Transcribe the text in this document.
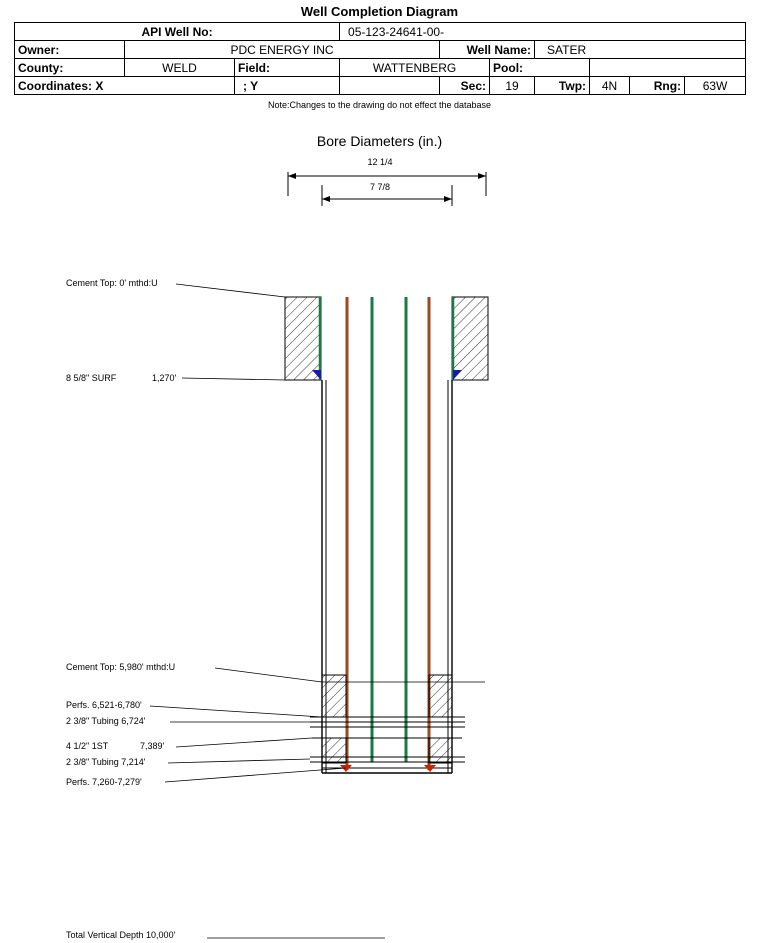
Well Completion Diagram
API Well No:			05-123-24641-00-						
Owner:	PDC ENERGY INC			Well Name:		SATER			
County:	WELD	Field:	WATTENBERG		Pool:				
Coordinates: X		; Y		Sec:	19	Twp:	4N	Rng:	63W
Note:Changes to the drawing do not effect the database
Bore Diameters (in.)
12 1/4
7 7/8
Cement Top: 0' mthd:U
8 5/8" SURF	1,270'
Cement Top: 5,980' mthd:U
Perfs. 6,521-6,780'
2 3/8" Tubing 6,724'
4 1/2" 1ST	7,389'
2 3/8" Tubing 7,214'
Perfs. 7,260-7,279'
Total Vertical Depth 10,000'
